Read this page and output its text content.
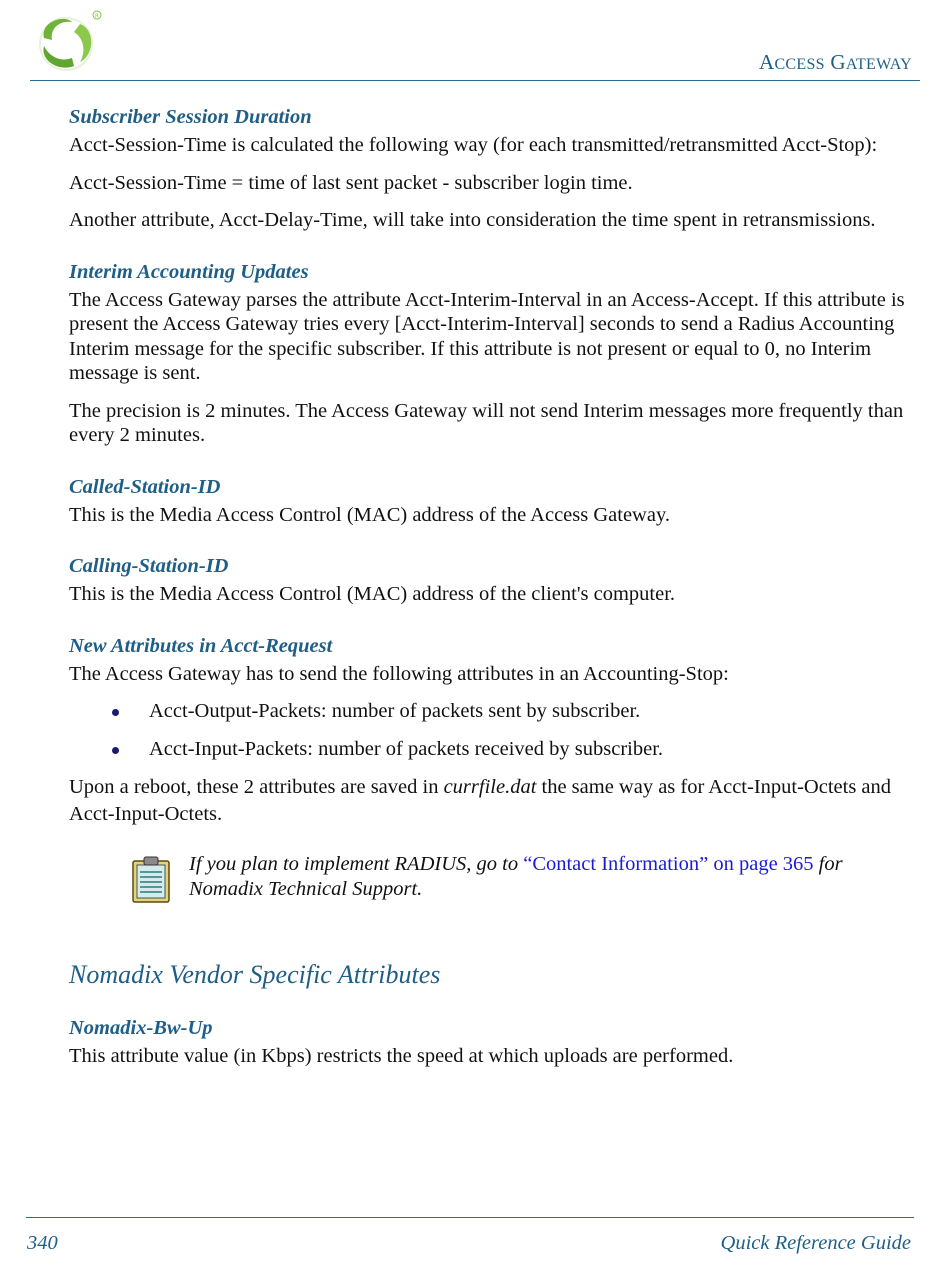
R
ACCESS GATEWAY
Subscriber Session Duration

Acct-Session-Time is calculated the following way (for each transmitted/retransmitted Acct-Stop):

Acct-Session-Time = time of last sent packet - subscriber login time.

Another attribute, Acct-Delay-Time, will take into consideration the time spent in retransmissions.

Interim Accounting Updates

The Access Gateway parses the attribute Acct-Interim-Interval in an Access-Accept. If this attribute is present the Access Gateway tries every [Acct-Interim-Interval] seconds to send a Radius Accounting Interim message for the specific subscriber. If this attribute is not present or equal to 0, no Interim message is sent.

The precision is 2 minutes. The Access Gateway will not send Interim messages more frequently than every 2 minutes.

Called-Station-ID

This is the Media Access Control (MAC) address of the Access Gateway.

Calling-Station-ID

This is the Media Access Control (MAC) address of the client's computer.

New Attributes in Acct-Request

The Access Gateway has to send the following attributes in an Accounting-Stop:

Acct-Output-Packets: number of packets sent by subscriber.
Acct-Input-Packets: number of packets received by subscriber.

Upon a reboot, these 2 attributes are saved in currfile.dat the same way as for Acct-Input-Octets and Acct-Input-Octets.

If you plan to implement RADIUS, go to “Contact Information” on page 365 for Nomadix Technical Support.

Nomadix Vendor Specific Attributes
Nomadix-Bw-Up

This attribute value (in Kbps) restricts the speed at which uploads are performed.

340	Quick Reference Guide
